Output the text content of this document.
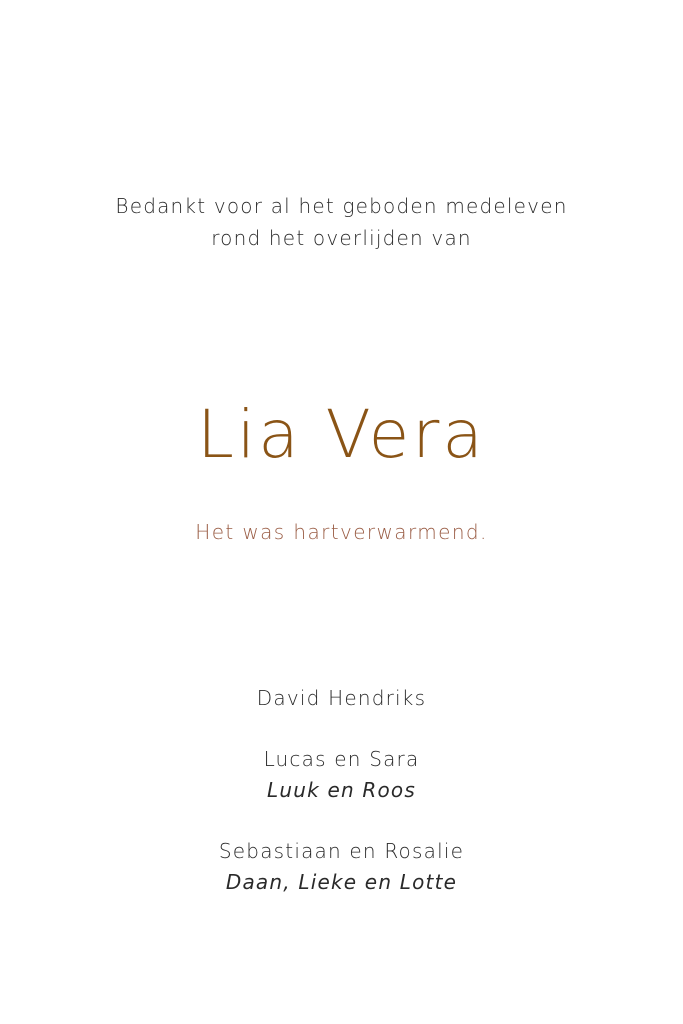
Bedankt voor al het geboden medeleven
rond het overlijden van
Lia Vera
Het was hartverwarmend.
David Hendriks
Lucas en Sara
Luuk en Roos
Sebastiaan en Rosalie
Daan, Lieke en Lotte
